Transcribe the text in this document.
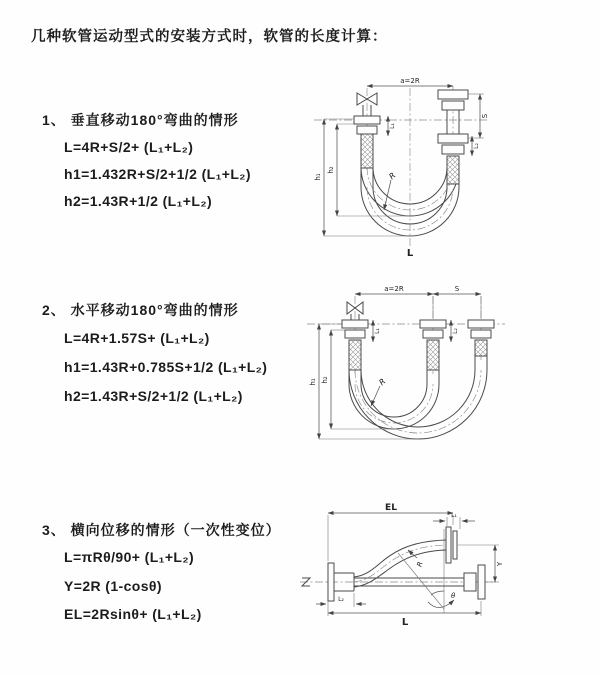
几种软管运动型式的安装方式时，软管的长度计算：
1、 垂直移动180°弯曲的情形
L=4R+S/2+ (L₁+L₂)
h1=1.432R+S/2+1/2 (L₁+L₂)
h2=1.43R+1/2 (L₁+L₂)
2、 水平移动180°弯曲的情形
L=4R+1.57S+ (L₁+L₂)
h1=1.43R+0.785S+1/2 (L₁+L₂)
h2=1.43R+S/2+1/2 (L₁+L₂)
3、 横向位移的情形（一次性变位）
L=πRθ/90+ (L₁+L₂)
Y=2R (1-cosθ)
EL=2Rsinθ+ (L₁+L₂)
a=2R
S
L₁
L₂
h₁
h₂
R
L
a=2R	S
L₁	L₂
h₁ h₂	R
EL
L₁
Y
θ
R
L₂
L
